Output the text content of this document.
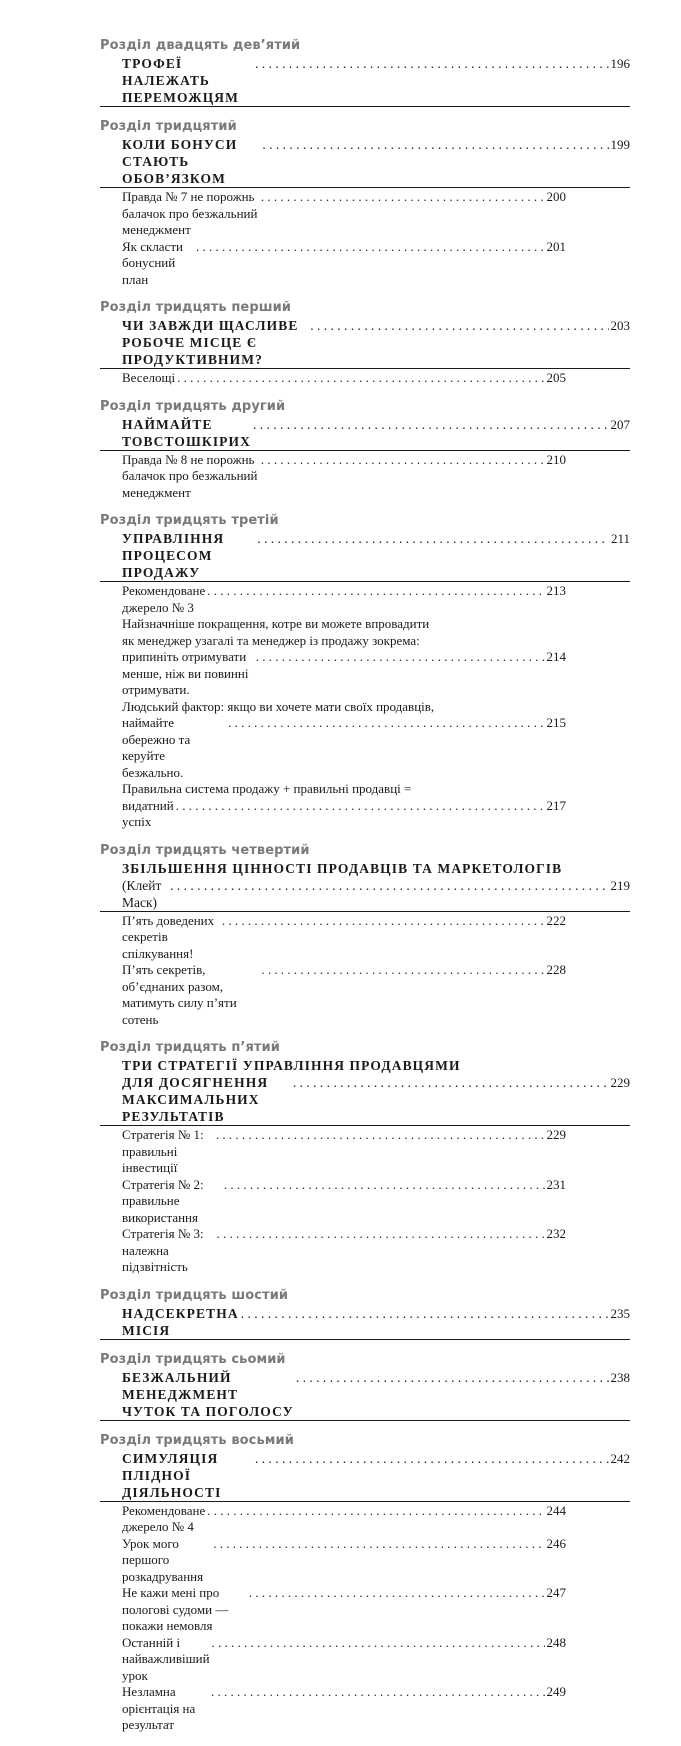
Розділ двадцять дев’ятий
ТРОФЕЇ НАЛЕЖАТЬ ПЕРЕМОЖЦЯМ
. . .
196
Розділ тридцятий
КОЛИ БОНУСИ СТАЮТЬ ОБОВ’ЯЗКОМ
. . .
199
Правда № 7 не порожнь балачок про безжальний менеджмент
. . .
200
Як скласти бонусний план
. . .
201
Розділ тридцять перший
ЧИ ЗАВЖДИ ЩАСЛИВЕ РОБОЧЕ МІСЦЕ Є ПРОДУКТИВНИМ?
. . .
203
Веселощі
. . .	205
Розділ тридцять другий
НАЙМАЙТЕ ТОВСТОШКІРИХ
. . .
207
Правда № 8 не порожнь балачок про безжальний менеджмент
. . .
210
Розділ тридцять третій
УПРАВЛІННЯ ПРОЦЕСОМ ПРОДАЖУ
. . .
211
Рекомендоване джерело № 3
. . .
213
Найзначніше покращення, котре ви можете впровадити
як менеджер узагалі та менеджер із продажу зокрема:
припиніть отримувати менше, ніж ви повинні отримувати.
. . .
214
Людський фактор: якщо ви хочете мати своїх продавців,
наймайте обережно та керуйте безжально.
. . .
215
Правильна система продажу + правильні продавці =
видатний успіх
. . .
217
Розділ тридцять четвертий
ЗБІЛЬШЕННЯ ЦІННОСТІ ПРОДАВЦІВ ТА МАРКЕТОЛОГІВ
(Клейт Маск)
. . .
219
П’ять доведених секретів спілкування!
. . .
222
П’ять секретів, об’єднаних разом, матимуть силу п’яти сотень
. . .
228
Розділ тридцять п’ятий
ТРИ СТРАТЕГІЇ УПРАВЛІННЯ ПРОДАВЦЯМИ
ДЛЯ ДОСЯГНЕННЯ МАКСИМАЛЬНИХ РЕЗУЛЬТАТІВ
. . .
229
Стратегія № 1: правильні інвестиції
. . .
229
Стратегія № 2: правильне використання
. . .
231
Стратегія № 3: належна підзвітність
. . .
232
Розділ тридцять шостий
НАДСЕКРЕТНА МІСІЯ
. . .
235
Розділ тридцять сьомий
БЕЗЖАЛЬНИЙ МЕНЕДЖМЕНТ ЧУТОК ТА ПОГОЛОСУ
. . .
238
Розділ тридцять восьмий
СИМУЛЯЦІЯ ПЛІДНОЇ ДІЯЛЬНОСТІ
. . .
242
Рекомендоване джерело № 4
. . .
244
Урок мого першого розкадрування
. . .
246
Не кажи мені про пологові судоми — покажи немовля
. . .
247
Останній і найважливіший урок
. . .
248
Незламна орієнтація на результат
. . .
249
